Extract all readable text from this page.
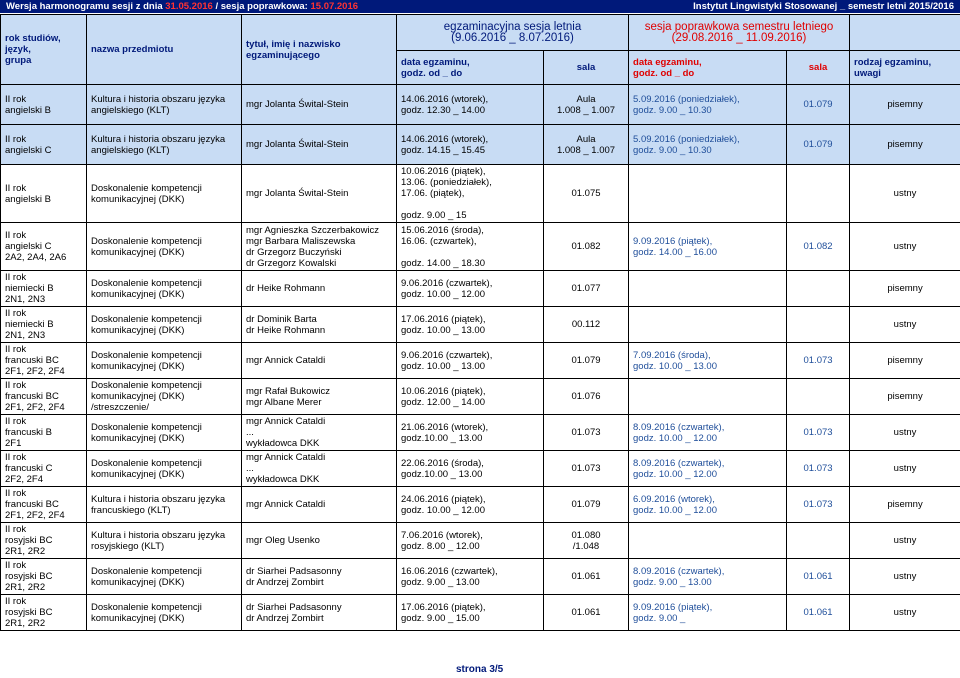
Wersja harmonogramu sesji z dnia 31.05.2016 / sesja poprawkowa: 15.07.2016	Instytut Lingwistyki Stosowanej _ semestr letni 2015/2016
rok studiów,
język,
grupa	nazwa przedmiotu	tytuł, imię i nazwisko
egzaminującego	egzaminacyjna sesja letnia
(9.06.2016 _ 8.07.2016)		sesja poprawkowa semestru letniego
(29.08.2016 _ 11.09.2016)		
			data egzaminu,
godz. od _ do	sala	data egzaminu,
godz. od _ do	sala	rodzaj egzaminu,
uwagi
II rok
angielski B	Kultura i historia obszaru języka
angielskiego (KLT)	mgr Jolanta Śwital-Stein	14.06.2016 (wtorek),
godz. 12.30 _ 14.00	Aula
1.008 _ 1.007	5.09.2016 (poniedziałek),
godz. 9.00 _ 10.30	01.079	pisemny
II rok
angielski C	Kultura i historia obszaru języka
angielskiego (KLT)	mgr Jolanta Śwital-Stein	14.06.2016 (wtorek),
godz. 14.15 _ 15.45	Aula
1.008 _ 1.007	5.09.2016 (poniedziałek),
godz. 9.00 _ 10.30	01.079	pisemny
II rok
angielski B	Doskonalenie kompetencji
komunikacyjnej (DKK)	mgr Jolanta Śwital-Stein	10.06.2016 (piątek),
13.06. (poniedziałek),
17.06. (piątek),

godz. 9.00 _ 15	01.075			ustny
II rok
angielski C
2A2, 2A4, 2A6	Doskonalenie kompetencji
komunikacyjnej (DKK)	mgr Agnieszka Szczerbakowicz
mgr Barbara Maliszewska
dr Grzegorz Buczyński
dr Grzegorz Kowalski	15.06.2016 (środa),
16.06. (czwartek),

godz. 14.00 _ 18.30	01.082	9.09.2016 (piątek),
godz. 14.00 _ 16.00	01.082	ustny
II rok
niemiecki B
2N1, 2N3	Doskonalenie kompetencji
komunikacyjnej (DKK)	dr Heike Rohmann	9.06.2016 (czwartek),
godz. 10.00 _ 12.00	01.077			pisemny
II rok
niemiecki B
2N1, 2N3	Doskonalenie kompetencji
komunikacyjnej (DKK)	dr Dominik Barta
dr Heike Rohmann	17.06.2016 (piątek),
godz. 10.00 _ 13.00	00.112			ustny
II rok
francuski BC
2F1, 2F2, 2F4	Doskonalenie kompetencji
komunikacyjnej (DKK)	mgr Annick Cataldi	9.06.2016 (czwartek),
godz. 10.00 _ 13.00	01.079	7.09.2016 (środa),
godz. 10.00 _ 13.00	01.073	pisemny
II rok
francuski BC
2F1, 2F2, 2F4	Doskonalenie kompetencji
komunikacyjnej (DKK)
/streszczenie/	mgr Rafał Bukowicz
mgr Albane Merer	10.06.2016 (piątek),
godz. 12.00 _ 14.00	01.076			pisemny
II rok
francuski B
2F1	Doskonalenie kompetencji
komunikacyjnej (DKK)	mgr Annick Cataldi
...
wykładowca DKK	21.06.2016 (wtorek),
godz.10.00 _ 13.00	01.073	8.09.2016 (czwartek),
godz. 10.00 _ 12.00	01.073	ustny
II rok
francuski C
2F2, 2F4	Doskonalenie kompetencji
komunikacyjnej (DKK)	mgr Annick Cataldi
...
wykładowca DKK	22.06.2016 (środa),
godz.10.00 _ 13.00	01.073	8.09.2016 (czwartek),
godz. 10.00 _ 12.00	01.073	ustny
II rok
francuski BC
2F1, 2F2, 2F4	Kultura i historia obszaru języka
francuskiego (KLT)	mgr Annick Cataldi	24.06.2016 (piątek),
godz. 10.00 _ 12.00	01.079	6.09.2016 (wtorek),
godz. 10.00 _ 12.00	01.073	pisemny
II rok
rosyjski BC
2R1, 2R2	Kultura i historia obszaru języka
rosyjskiego (KLT)	mgr Oleg Usenko	7.06.2016 (wtorek),
godz. 8.00 _ 12.00	01.080
/1.048			ustny
II rok
rosyjski BC
2R1, 2R2	Doskonalenie kompetencji
komunikacyjnej (DKK)	dr Siarhei Padsasonny
dr Andrzej Zombirt	16.06.2016 (czwartek),
godz. 9.00 _ 13.00	01.061	8.09.2016 (czwartek),
godz. 9.00 _ 13.00	01.061	ustny
II rok
rosyjski BC
2R1, 2R2	Doskonalenie kompetencji
komunikacyjnej (DKK)	dr Siarhei Padsasonny
dr Andrzej Zombirt	17.06.2016 (piątek),
godz. 9.00 _ 15.00	01.061	9.09.2016 (piątek),
godz. 9.00 _	01.061	ustny
strona 3/5
